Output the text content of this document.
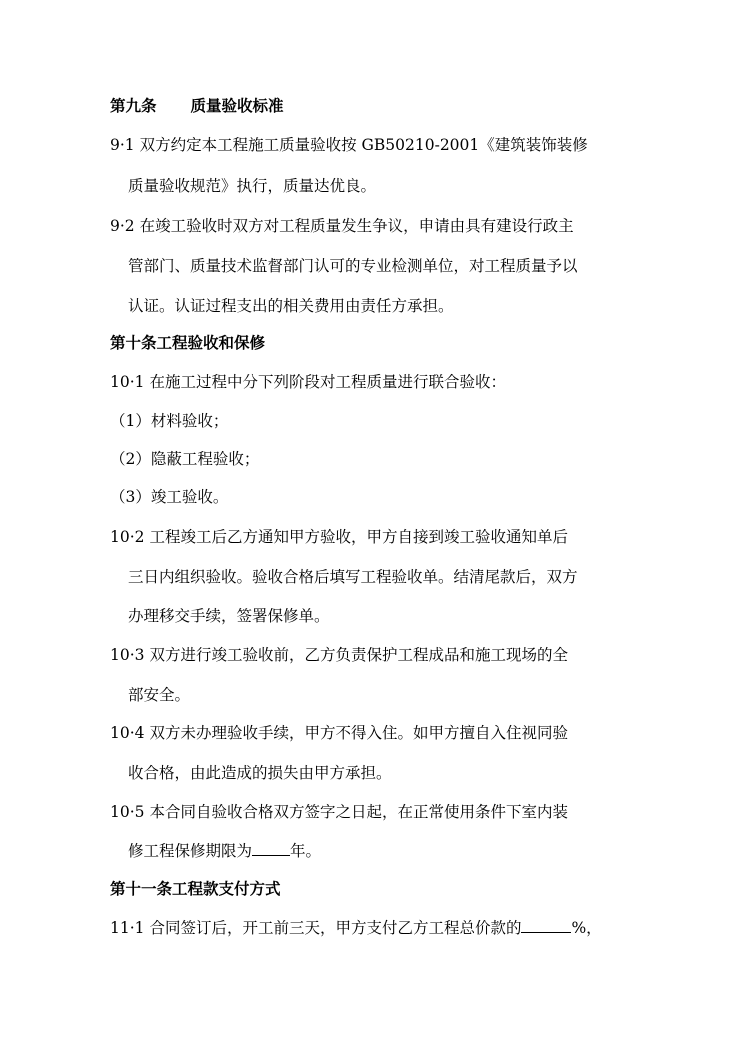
第九条 质量验收标准
9·1 双方约定本工程施工质量验收按 GB50210-2001《建筑装饰装修
质量验收规范》执行，质量达优良。
9·2 在竣工验收时双方对工程质量发生争议，申请由具有建设行政主
管部门、质量技术监督部门认可的专业检测单位，对工程质量予以
认证。认证过程支出的相关费用由责任方承担。
第十条工程验收和保修
10·1 在施工过程中分下列阶段对工程质量进行联合验收：
（1）材料验收；
（2）隐蔽工程验收；
（3）竣工验收。
10·2 工程竣工后乙方通知甲方验收，甲方自接到竣工验收通知单后
三日内组织验收。验收合格后填写工程验收单。结清尾款后，双方
办理移交手续，签署保修单。
10·3 双方进行竣工验收前，乙方负责保护工程成品和施工现场的全
部安全。
10·4 双方未办理验收手续，甲方不得入住。如甲方擅自入住视同验
收合格，由此造成的损失由甲方承担。
10·5 本合同自验收合格双方签字之日起，在正常使用条件下室内装
修工程保修期限为 年。
第十一条工程款支付方式
11·1 合同签订后，开工前三天，甲方支付乙方工程总价款的	%，
